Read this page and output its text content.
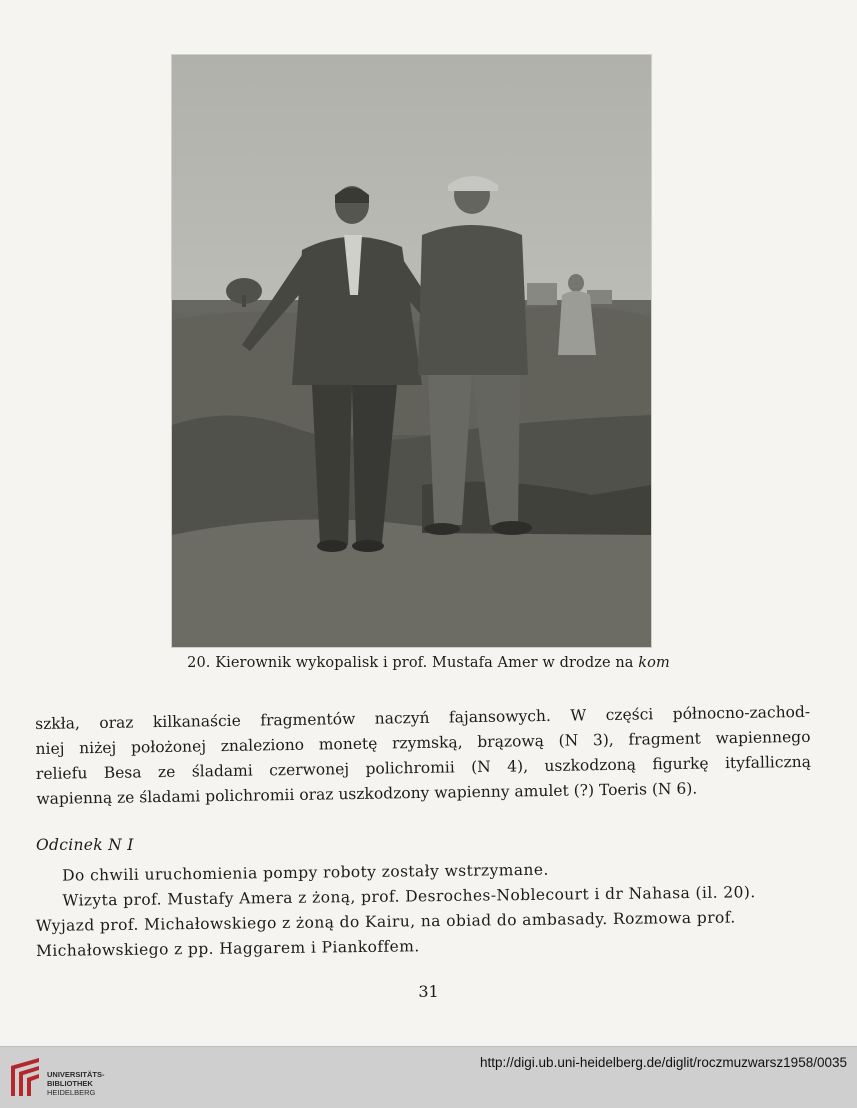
20. Kierownik wykopalisk i prof. Mustafa Amer w drodze na kom
szkła, oraz kilkanaście fragmentów naczyń fajansowych. W części północno-zachod-
niej niżej położonej znaleziono monetę rzymską, brązową (N 3), fragment wapiennego
reliefu Besa ze śladami czerwonej polichromii (N 4), uszkodzoną figurkę ityfalliczną
wapienną ze śladami polichromii oraz uszkodzony wapienny amulet (?) Toeris (N 6).
Odcinek N I
Do chwili uruchomienia pompy roboty zostały wstrzymane.
Wizyta prof. Mustafy Amera z żoną, prof. Desroches-Noblecourt i dr Nahasa (il. 20).
Wyjazd prof. Michałowskiego z żoną do Kairu, na obiad do ambasady. Rozmowa prof.
Michałowskiego z pp. Haggarem i Piankoffem.
31
UNIVERSITÄTS-
BIBLIOTHEK
HEIDELBERG
http://digi.ub.uni-heidelberg.de/diglit/roczmuzwarsz1958/0035
